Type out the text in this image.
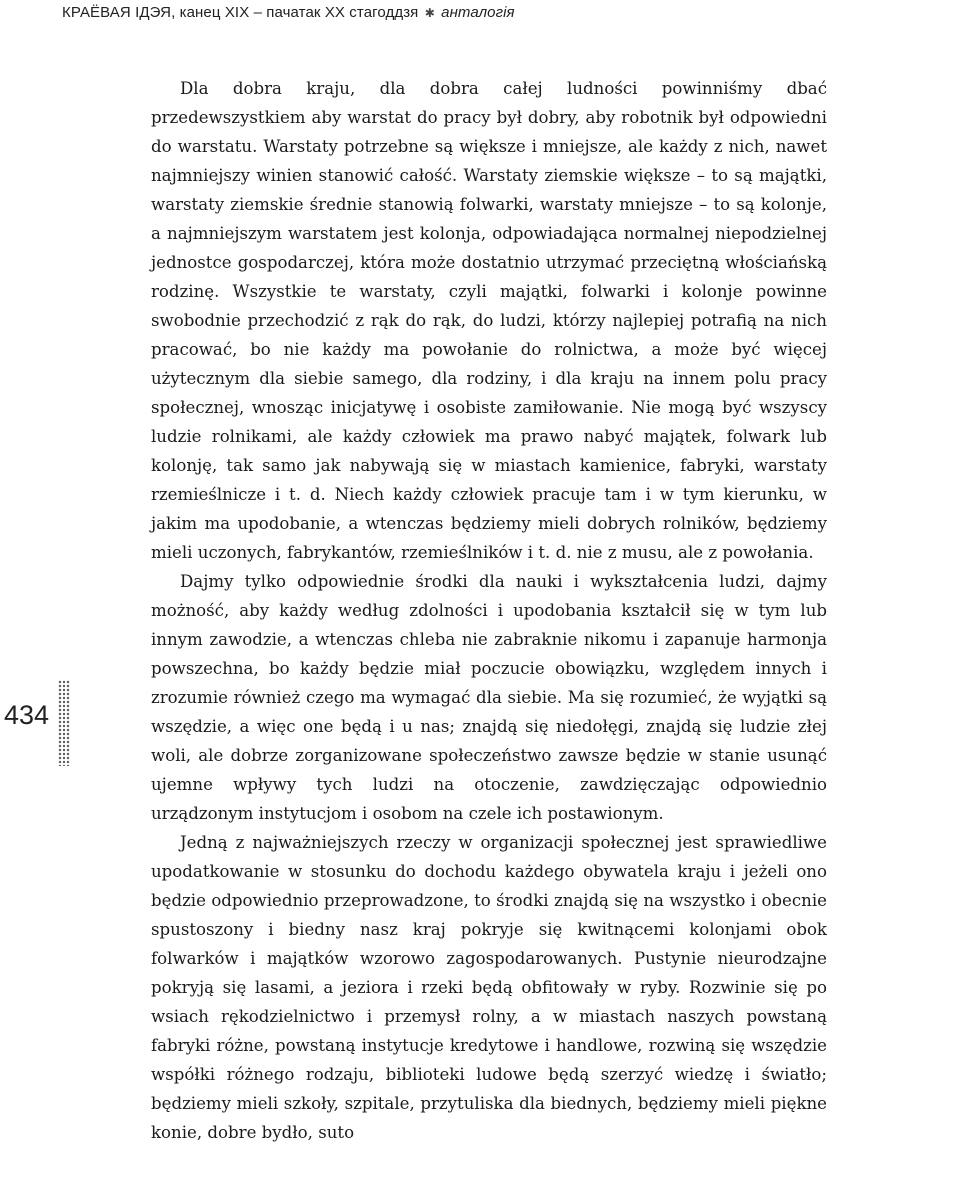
КРАЁВАЯ ІДЭЯ, канец XIX – пачатак XX стагоддзя ✱ анталогія
434

Dla dobra kraju, dla dobra całej ludności powinniśmy dbać przedewszystkiem aby warstat do pracy był dobry, aby robotnik był odpowiedni do warstatu. Warstaty potrzebne są większe i mniejsze, ale każdy z nich, nawet najmniejszy winien stanowić całość. Warstaty ziemskie większe – to są majątki, warstaty ziemskie średnie stanowią folwarki, warstaty mniejsze – to są kolonje, a najmniejszym warstatem jest kolonja, odpowiadająca normalnej niepodzielnej jednostce gospodarczej, która może dostatnio utrzymać przeciętną włościańską rodzinę. Wszystkie te warstaty, czyli majątki, folwarki i kolonje powinne swobodnie przechodzić z rąk do rąk, do ludzi, którzy najlepiej potrafią na nich pracować, bo nie każdy ma powołanie do rolnictwa, a może być więcej użytecznym dla siebie samego, dla rodziny, i dla kraju na innem polu pracy społecznej, wnosząc inicjatywę i osobiste zamiłowanie. Nie mogą być wszyscy ludzie rolnikami, ale każdy człowiek ma prawo nabyć majątek, folwark lub kolonję, tak samo jak nabywają się w miastach kamienice, fabryki, warstaty rzemieślnicze i t. d. Niech każdy człowiek pracuje tam i w tym kierunku, w jakim ma upodobanie, a wtenczas będziemy mieli dobrych rolników, będziemy mieli uczonych, fabrykantów, rzemieślników i t. d. nie z musu, ale z powołania.

Dajmy tylko odpowiednie środki dla nauki i wykształcenia ludzi, dajmy możność, aby każdy według zdolności i upodobania kształcił się w tym lub innym zawodzie, a wtenczas chleba nie zabraknie nikomu i zapanuje harmonja powszechna, bo każdy będzie miał poczucie obowiązku, względem innych i zrozumie również czego ma wymagać dla siebie. Ma się rozumieć, że wyjątki są wszędzie, a więc one będą i u nas; znajdą się niedołęgi, znajdą się ludzie złej woli, ale dobrze zorganizowane społeczeństwo zawsze będzie w stanie usunąć ujemne wpływy tych ludzi na otoczenie, zawdzięczając odpowiednio urządzonym instytucjom i osobom na czele ich postawionym.

Jedną z najważniejszych rzeczy w organizacji społecznej jest sprawiedliwe upodatkowanie w stosunku do dochodu każdego obywatela kraju i jeżeli ono będzie odpowiednio przeprowadzone, to środki znajdą się na wszystko i obecnie spustoszony i biedny nasz kraj pokryje się kwitnącemi kolonjami obok folwarków i majątków wzorowo zagospodarowanych. Pustynie nieurodzajne pokryją się lasami, a jeziora i rzeki będą obfitowały w ryby. Rozwinie się po wsiach rękodzielnictwo i przemysł rolny, a w miastach naszych powstaną fabryki różne, powstaną instytucje kredytowe i handlowe, rozwiną się wszędzie współki różnego rodzaju, biblioteki ludowe będą szerzyć wiedzę i światło; będziemy mieli szkoły, szpitale, przytuliska dla biednych, będziemy mieli piękne konie, dobre bydło, suto
